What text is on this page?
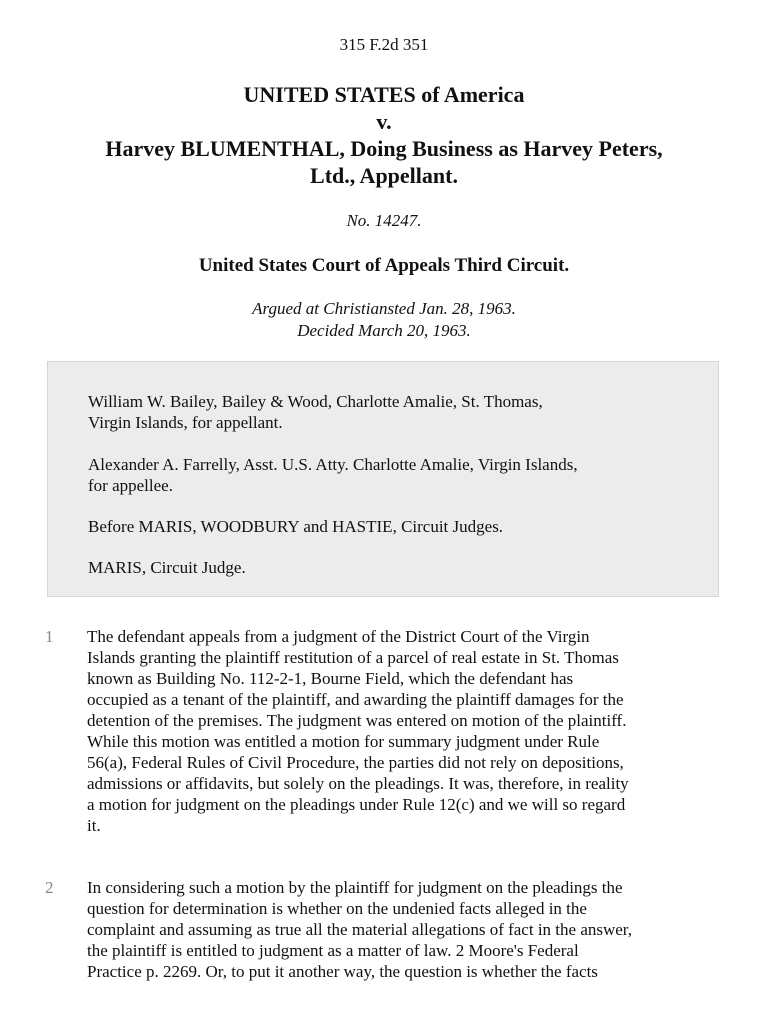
315 F.2d 351
UNITED STATES of America
v.
Harvey BLUMENTHAL, Doing Business as Harvey Peters,
Ltd., Appellant.
No. 14247.
United States Court of Appeals Third Circuit.
Argued at Christiansted Jan. 28, 1963.
Decided March 20, 1963.

William W. Bailey, Bailey & Wood, Charlotte Amalie, St. Thomas,
Virgin Islands, for appellant.

Alexander A. Farrelly, Asst. U.S. Atty. Charlotte Amalie, Virgin Islands,
for appellee.

Before MARIS, WOODBURY and HASTIE, Circuit Judges.

MARIS, Circuit Judge.

1 The defendant appeals from a judgment of the District Court of the Virgin
Islands granting the plaintiff restitution of a parcel of real estate in St. Thomas
known as Building No. 112-2-1, Bourne Field, which the defendant has
occupied as a tenant of the plaintiff, and awarding the plaintiff damages for the
detention of the premises. The judgment was entered on motion of the plaintiff.
While this motion was entitled a motion for summary judgment under Rule
56(a), Federal Rules of Civil Procedure, the parties did not rely on depositions,
admissions or affidavits, but solely on the pleadings. It was, therefore, in reality
a motion for judgment on the pleadings under Rule 12(c) and we will so regard
it.

2 In considering such a motion by the plaintiff for judgment on the pleadings the
question for determination is whether on the undenied facts alleged in the
complaint and assuming as true all the material allegations of fact in the answer,
the plaintiff is entitled to judgment as a matter of law. 2 Moore's Federal
Practice p. 2269. Or, to put it another way, the question is whether the facts
